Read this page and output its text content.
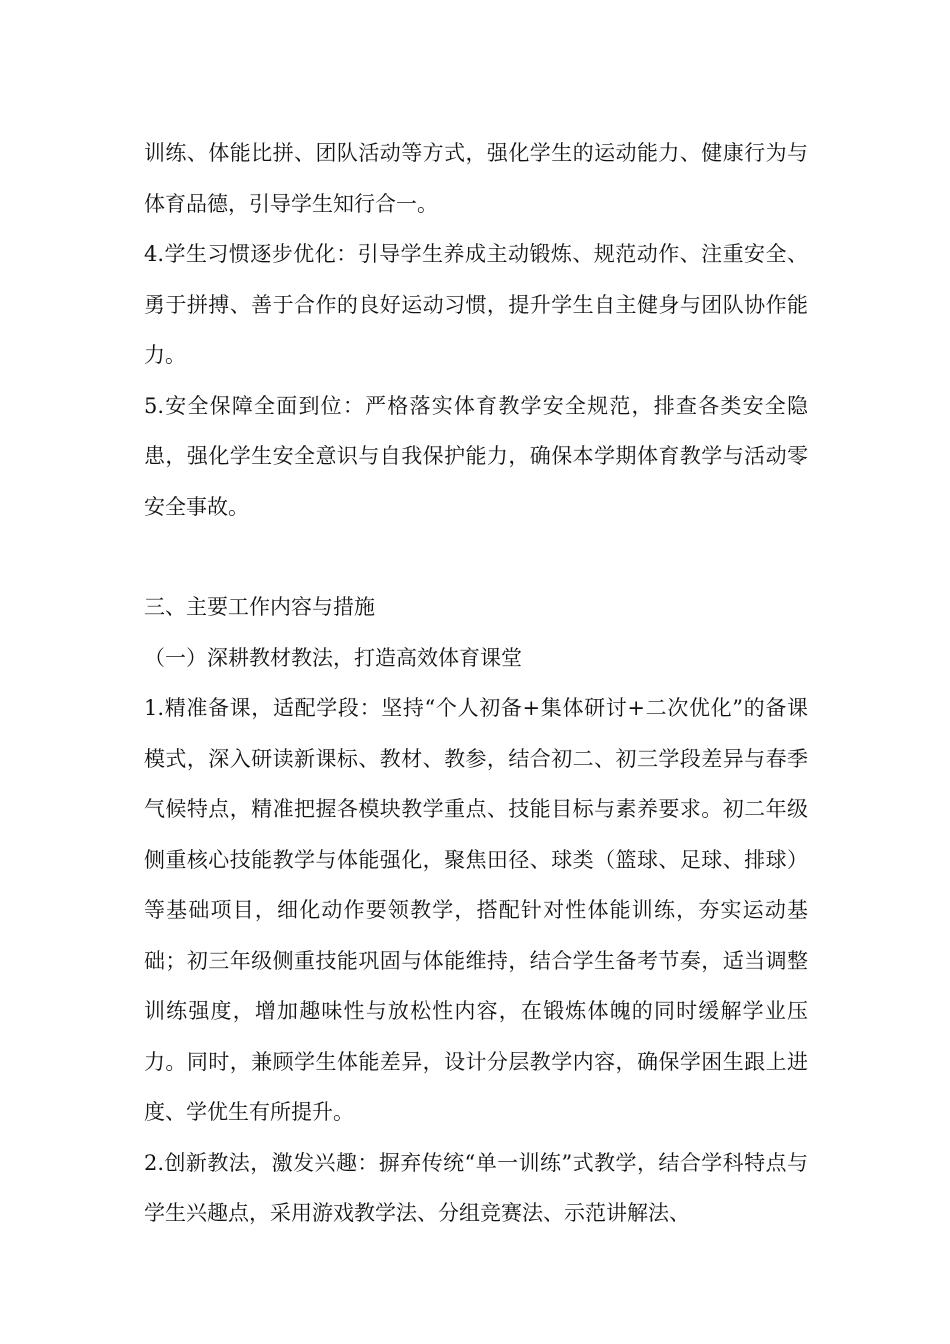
训练、体能比拼、团队活动等方式，强化学生的运动能力、健康行为与体育品德，引导学生知行合一。

4.学生习惯逐步优化：引导学生养成主动锻炼、规范动作、注重安全、勇于拼搏、善于合作的良好运动习惯，提升学生自主健身与团队协作能力。

5.安全保障全面到位：严格落实体育教学安全规范，排查各类安全隐患，强化学生安全意识与自我保护能力，确保本学期体育教学与活动零安全事故。

三、主要工作内容与措施

（一）深耕教材教法，打造高效体育课堂

1.精准备课，适配学段：坚持“个人初备+集体研讨+二次优化”的备课模式，深入研读新课标、教材、教参，结合初二、初三学段差异与春季气候特点，精准把握各模块教学重点、技能目标与素养要求。初二年级侧重核心技能教学与体能强化，聚焦田径、球类（篮球、足球、排球）等基础项目，细化动作要领教学，搭配针对性体能训练，夯实运动基础；初三年级侧重技能巩固与体能维持，结合学生备考节奏，适当调整训练强度，增加趣味性与放松性内容，在锻炼体魄的同时缓解学业压力。同时，兼顾学生体能差异，设计分层教学内容，确保学困生跟上进度、学优生有所提升。

2.创新教法，激发兴趣：摒弃传统“单一训练”式教学，结合学科特点与学生兴趣点，采用游戏教学法、分组竞赛法、示范讲解法、
